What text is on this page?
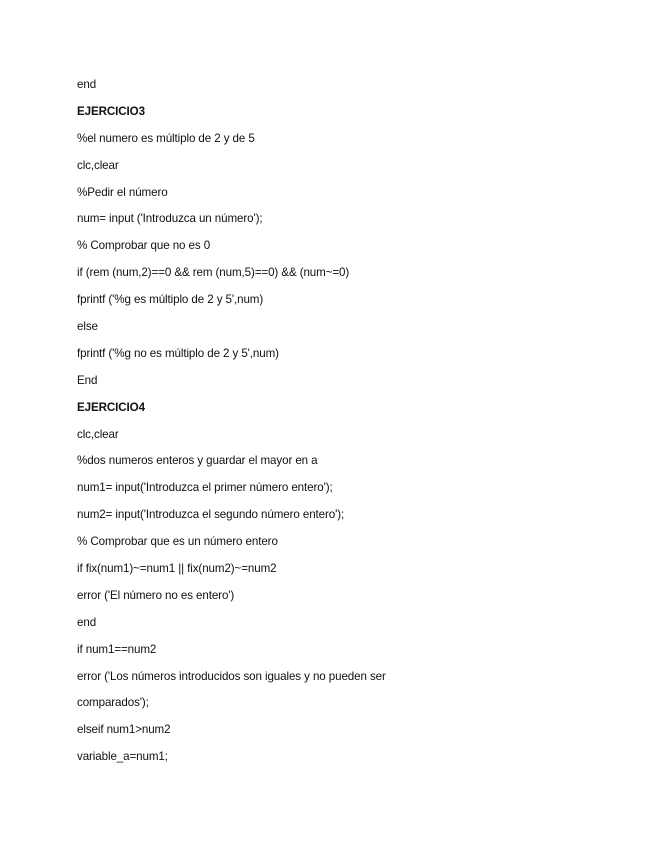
end
EJERCICIO3
%el numero es múltiplo de 2 y de 5
clc,clear
%Pedir el número
num= input ('Introduzca un número');
% Comprobar que no es 0
if (rem (num,2)==0 && rem (num,5)==0) && (num~=0)
fprintf ('%g es múltiplo de 2 y 5',num)
else
fprintf ('%g no es múltiplo de 2 y 5',num)
End
EJERCICIO4
clc,clear
%dos numeros enteros y guardar el mayor en a
num1= input('Introduzca el primer número entero');
num2= input('Introduzca el segundo número entero');
% Comprobar que es un número entero
if fix(num1)~=num1 || fix(num2)~=num2
error ('El número no es entero')
end
if num1==num2
error ('Los números introducidos son iguales y no pueden ser
comparados');
elseif num1>num2
variable_a=num1;
